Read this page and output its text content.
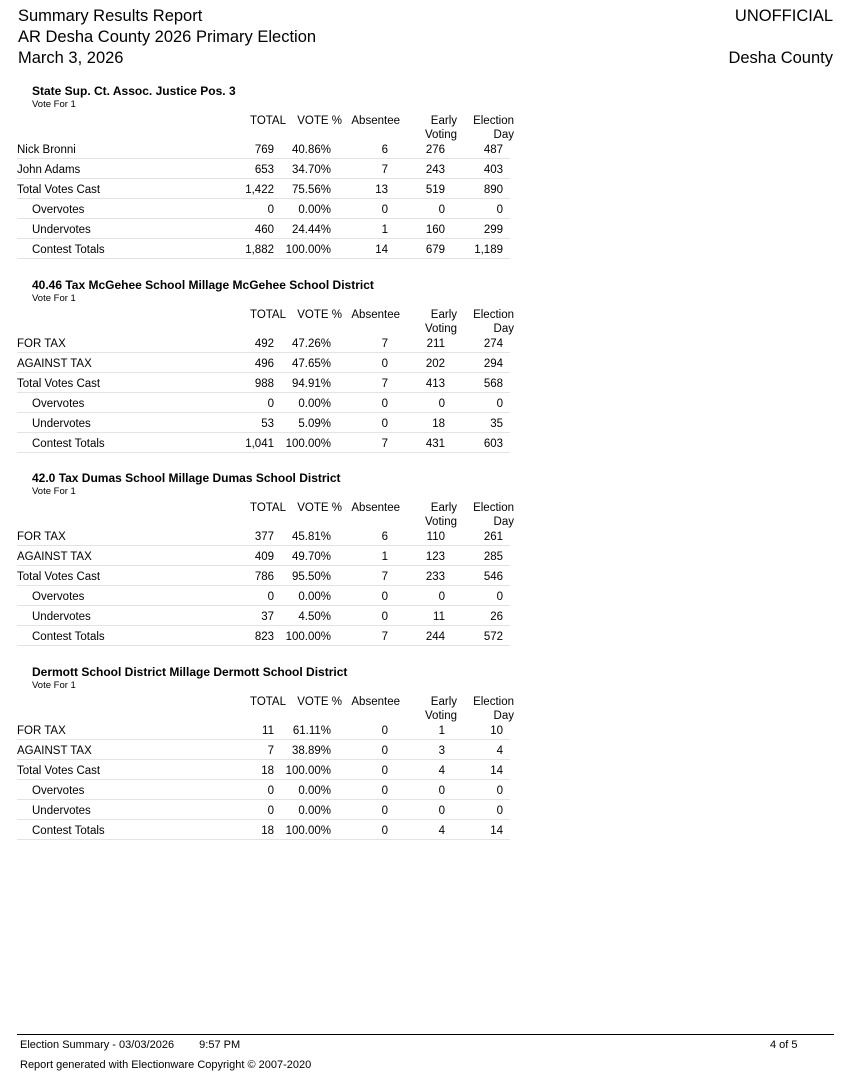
Summary Results Report
AR Desha County 2026 Primary Election
March 3, 2026
UNOFFICIAL
Desha County
State Sup. Ct. Assoc. Justice Pos. 3
Vote For 1
TOTAL VOTE % Absentee	Early
Voting
Election
Day
Nick Bronni	769 40.86%	6	276	487
John Adams	653 34.70%	7	243	403
Total Votes Cast	1,422 75.56%	13	519	890
Overvotes	0 0.00%	0	0	0
Undervotes	460 24.44%	1	160	299
Contest Totals	1,882 100.00%	14	679	1,189
40.46 Tax McGehee School Millage McGehee School District
Vote For 1
TOTAL VOTE % Absentee	Early
Voting
Election
Day
FOR TAX	492 47.26%	7	211	274
AGAINST TAX	496 47.65%	0	202	294
Total Votes Cast	988 94.91%	7	413	568
Overvotes	0 0.00%	0	0	0
Undervotes	53 5.09%	0	18	35
Contest Totals	1,041 100.00%	7	431	603
42.0 Tax Dumas School Millage Dumas School District
Vote For 1
TOTAL VOTE % Absentee	Early
Voting
Election
Day
FOR TAX	377 45.81%	6	110	261
AGAINST TAX	409 49.70%	1	123	285
Total Votes Cast	786 95.50%	7	233	546
Overvotes	0 0.00%	0	0	0
Undervotes	37 4.50%	0	11	26
Contest Totals	823 100.00%	7	244	572
Dermott School District Millage Dermott School District
Vote For 1
TOTAL VOTE % Absentee	Early
Voting
Election
Day
FOR TAX	11 61.11%	0	1	10
AGAINST TAX	7 38.89%	0	3	4
Total Votes Cast	18 100.00%	0	4	14
Overvotes	0 0.00%	0	0	0
Undervotes	0 0.00%	0	0	0
Contest Totals	18 100.00%	0	4	14
Election Summary - 03/03/2026 9:57 PM	4 of 5
Report generated with Electionware Copyright © 2007-2020
